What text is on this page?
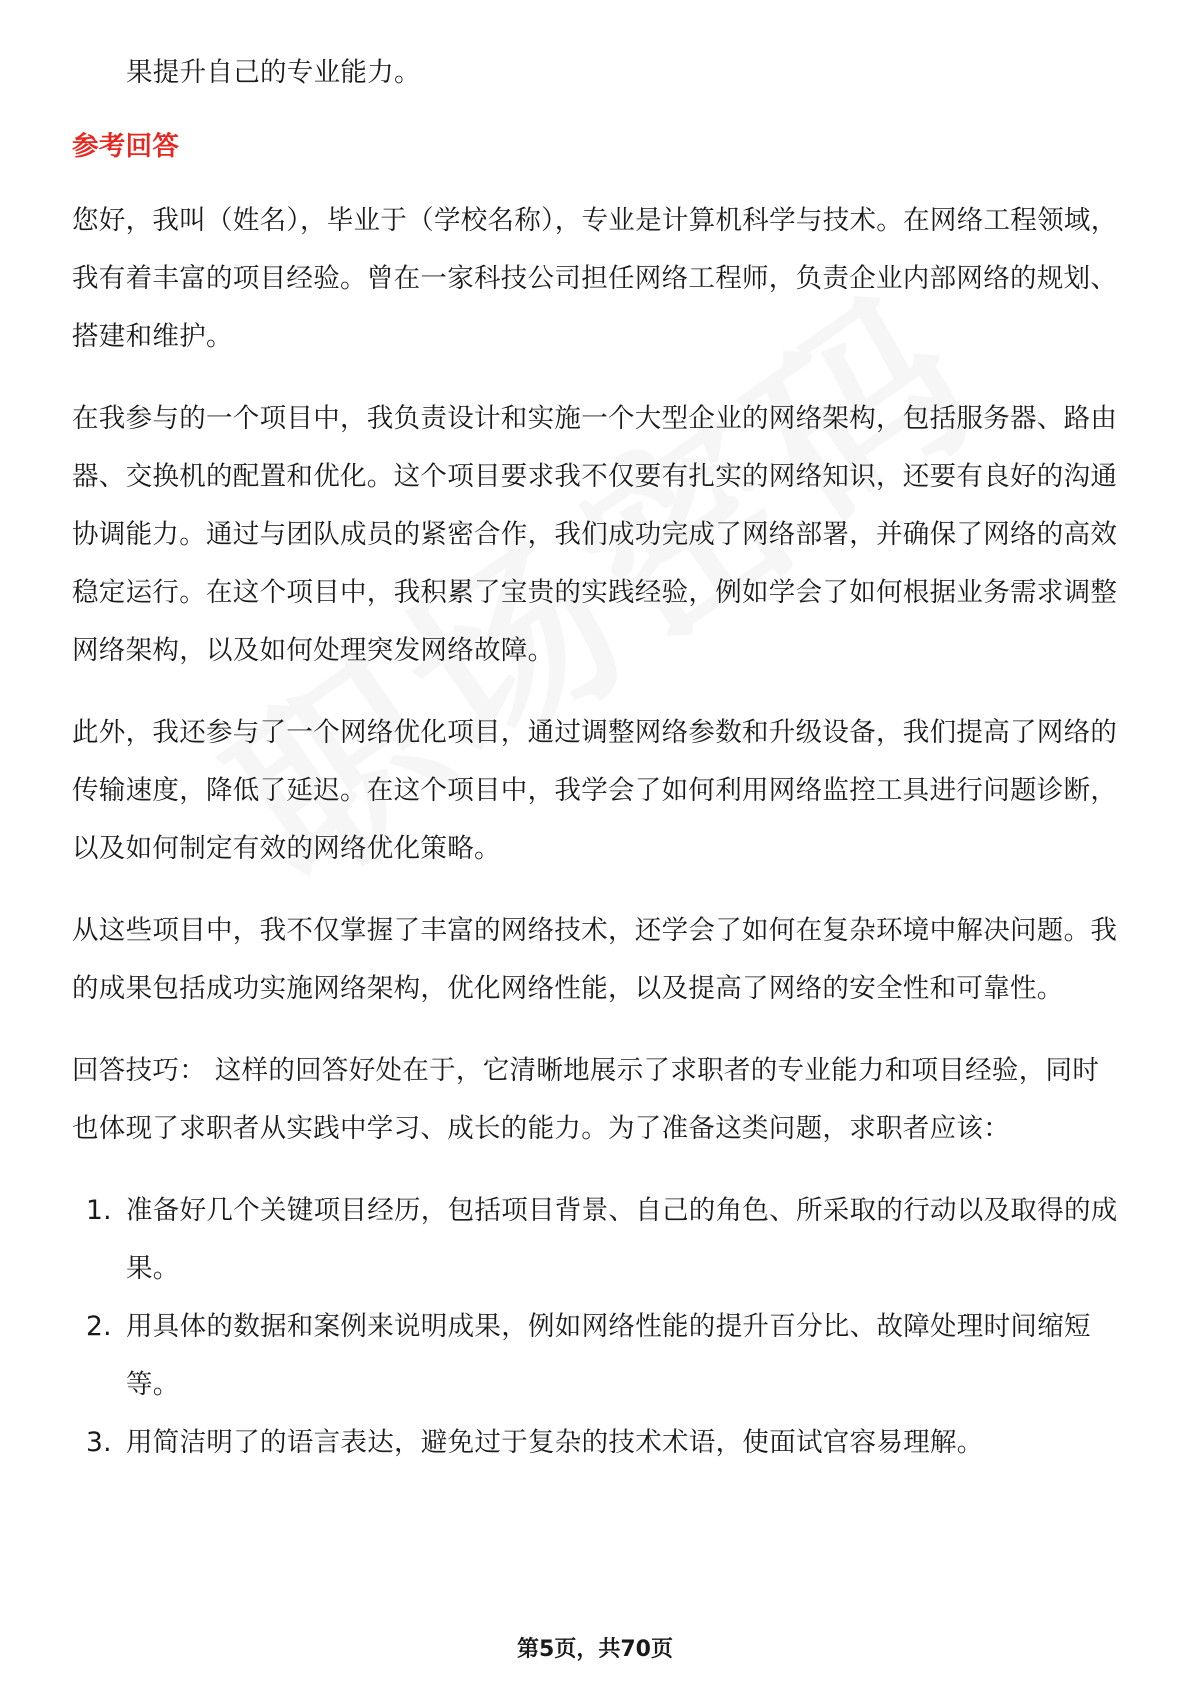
果提升自己的专业能力。

参考回答

您好，我叫（姓名），毕业于（学校名称），专业是计算机科学与技术。在网络工程领域，我有着丰富的项目经验。曾在一家科技公司担任网络工程师，负责企业内部网络的规划、搭建和维护。

在我参与的一个项目中，我负责设计和实施一个大型企业的网络架构，包括服务器、路由器、交换机的配置和优化。这个项目要求我不仅要有扎实的网络知识，还要有良好的沟通协调能力。通过与团队成员的紧密合作，我们成功完成了网络部署，并确保了网络的高效稳定运行。在这个项目中，我积累了宝贵的实践经验，例如学会了如何根据业务需求调整网络架构，以及如何处理突发网络故障。

此外，我还参与了一个网络优化项目，通过调整网络参数和升级设备，我们提高了网络的传输速度，降低了延迟。在这个项目中，我学会了如何利用网络监控工具进行问题诊断，以及如何制定有效的网络优化策略。

从这些项目中，我不仅掌握了丰富的网络技术，还学会了如何在复杂环境中解决问题。我的成果包括成功实施网络架构，优化网络性能，以及提高了网络的安全性和可靠性。

回答技巧： 这样的回答好处在于，它清晰地展示了求职者的专业能力和项目经验，同时也体现了求职者从实践中学习、成长的能力。为了准备这类问题，求职者应该：

1. 准备好几个关键项目经历，包括项目背景、自己的角色、所采取的行动以及取得的成果。
2. 用具体的数据和案例来说明成果，例如网络性能的提升百分比、故障处理时间缩短等。
3. 用简洁明了的语言表达，避免过于复杂的技术术语，使面试官容易理解。
第5页，共70页
